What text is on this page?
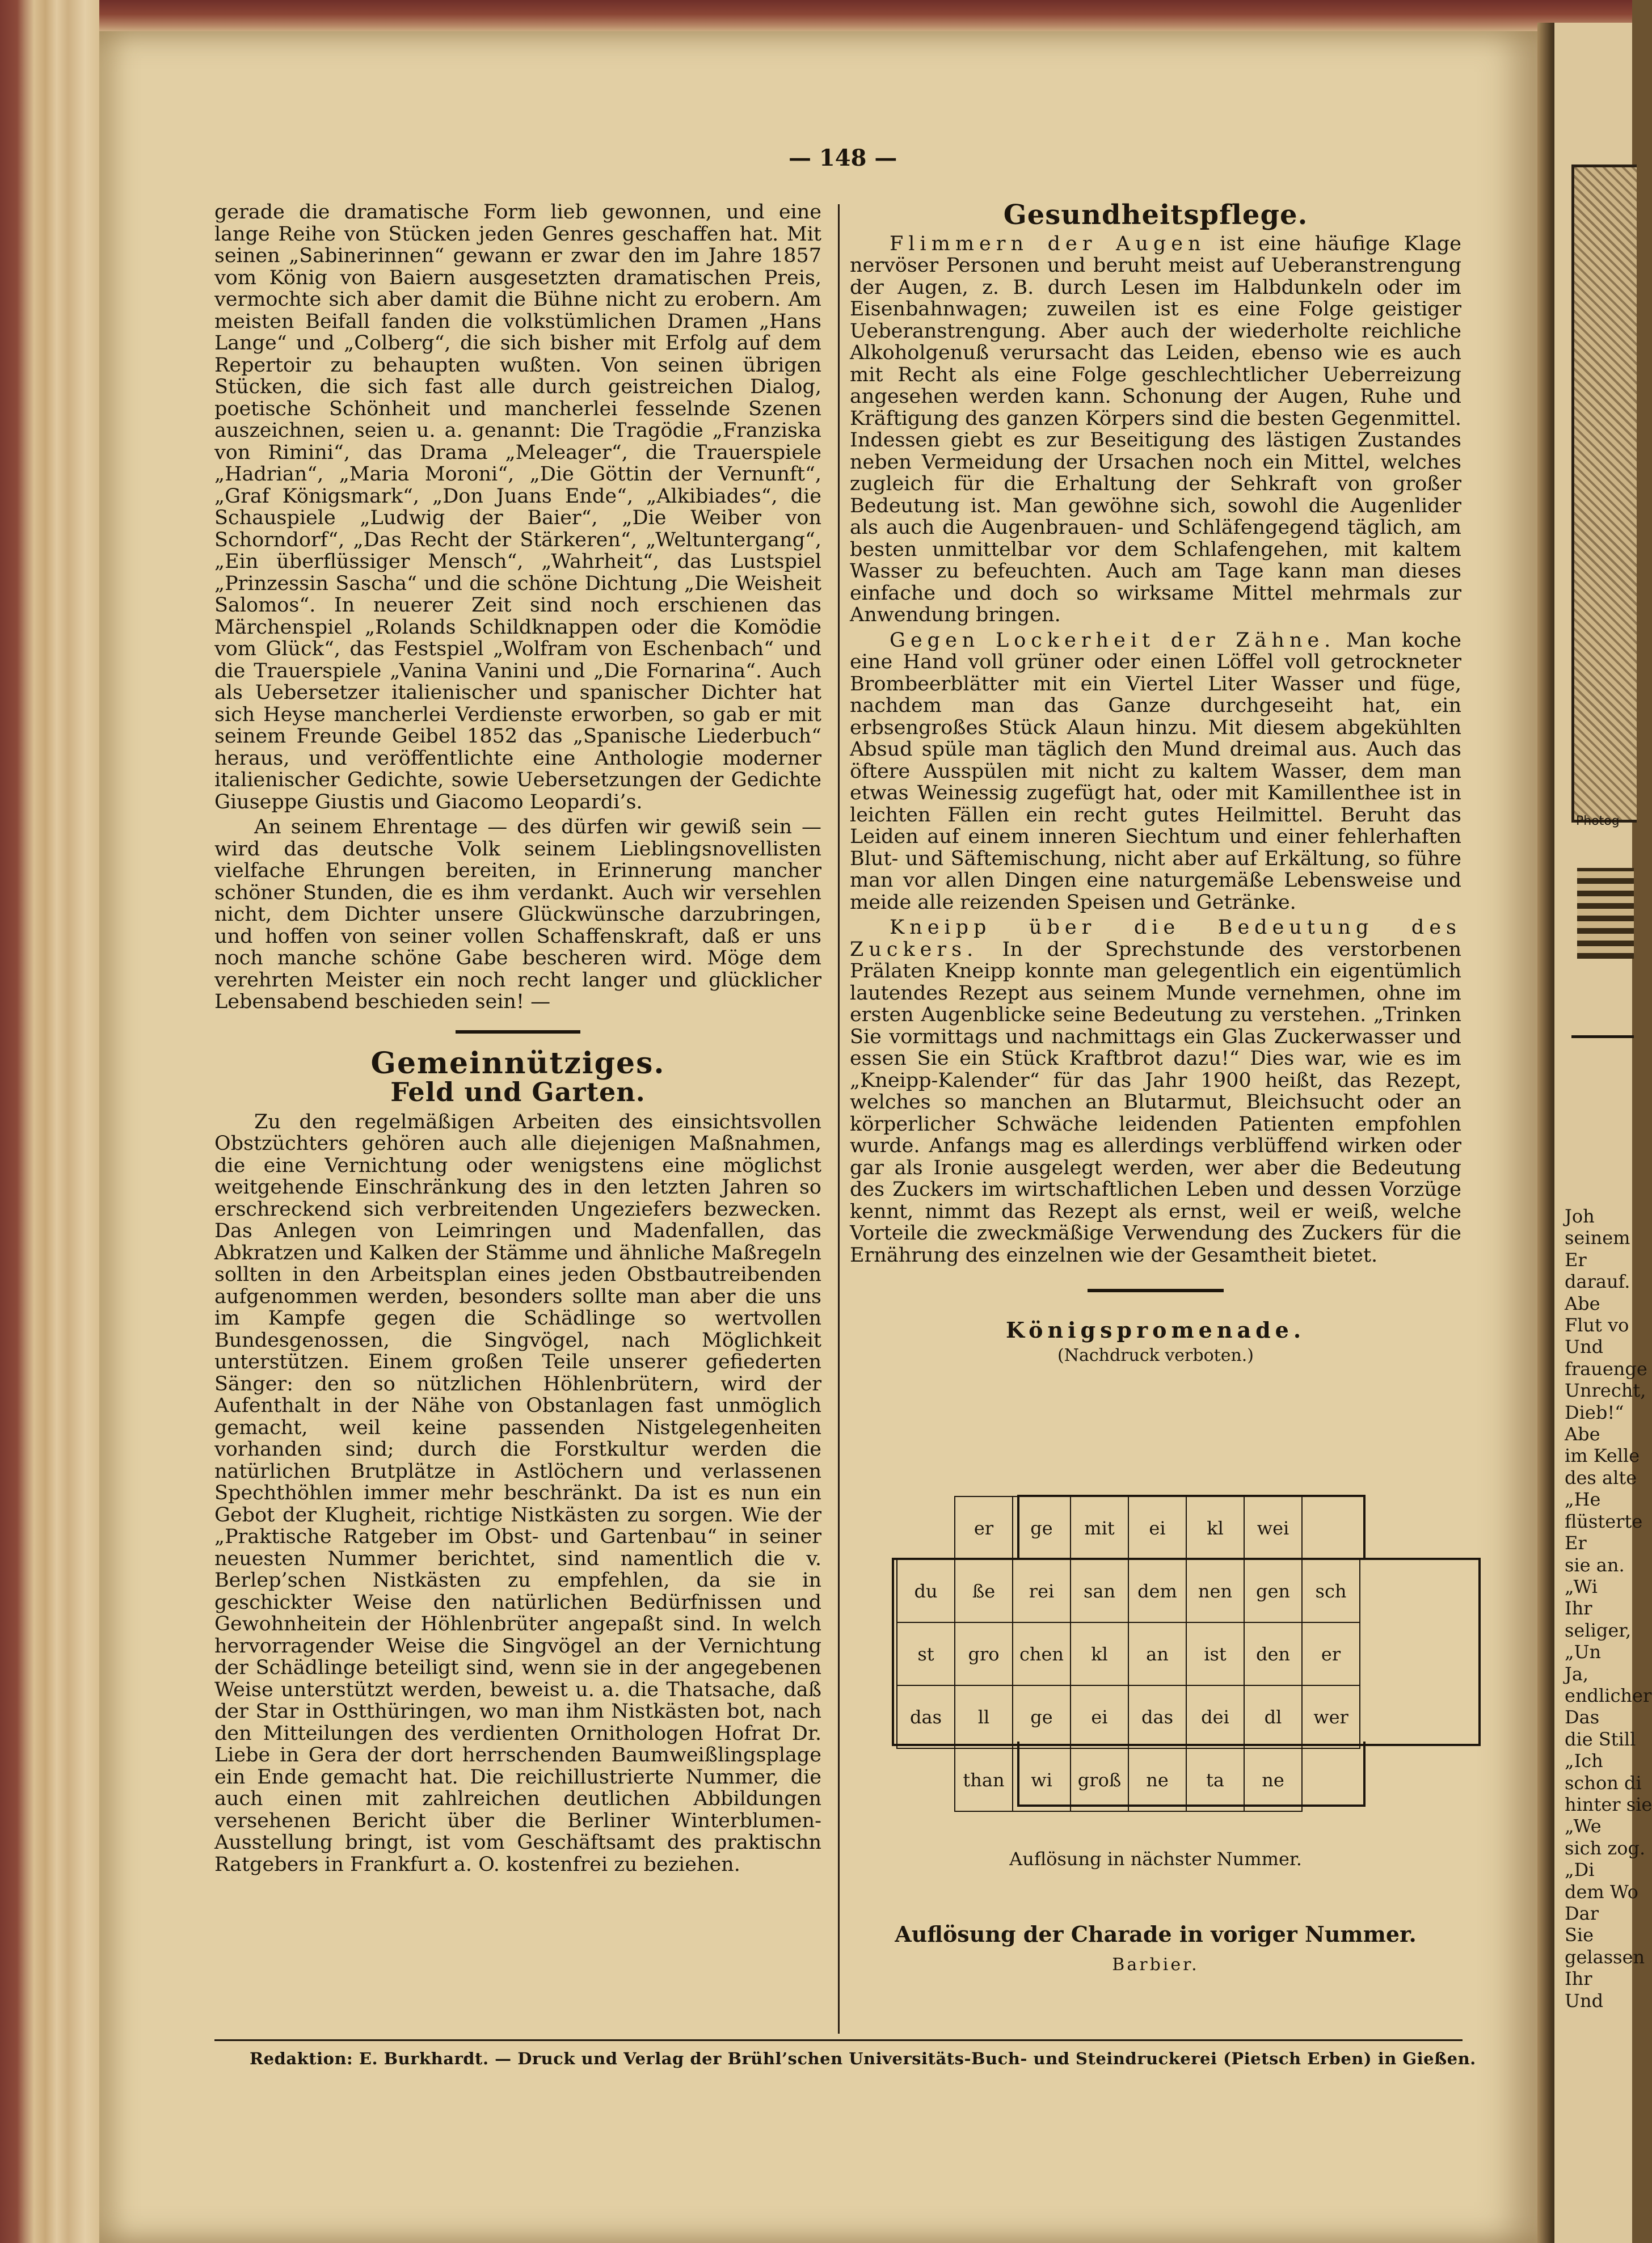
— 148 —

gerade die dramatische Form lieb gewonnen, und eine lange Reihe von Stücken jeden Genres geschaffen hat. Mit seinen „Sabinerinnen“ gewann er zwar den im Jahre 1857 vom König von Baiern ausgesetzten dramatischen Preis, vermochte sich aber damit die Bühne nicht zu erobern. Am meisten Beifall fanden die volkstümlichen Dramen „Hans Lange“ und „Colberg“, die sich bisher mit Erfolg auf dem Repertoir zu behaupten wußten. Von seinen übrigen Stücken, die sich fast alle durch geistreichen Dialog, poetische Schönheit und mancherlei fesselnde Szenen auszeichnen, seien u. a. genannt: Die Tragödie „Franziska von Rimini“, das Drama „Meleager“, die Trauerspiele „Hadrian“, „Maria Moroni“, „Die Göttin der Vernunft“, „Graf Königsmark“, „Don Juans Ende“, „Alkibiades“, die Schauspiele „Ludwig der Baier“, „Die Weiber von Schorndorf“, „Das Recht der Stärkeren“, „Weltuntergang“, „Ein überflüssiger Mensch“, „Wahrheit“, das Lustspiel „Prinzessin Sascha“ und die schöne Dichtung „Die Weisheit Salomos“. In neuerer Zeit sind noch erschienen das Märchenspiel „Rolands Schildknappen oder die Komödie vom Glück“, das Festspiel „Wolfram von Eschenbach“ und die Trauerspiele „Vanina Vanini und „Die Fornarina“. Auch als Uebersetzer italienischer und spanischer Dichter hat sich Heyse mancherlei Verdienste erworben, so gab er mit seinem Freunde Geibel 1852 das „Spanische Liederbuch“ heraus, und veröffentlichte eine Anthologie moderner italienischer Gedichte, sowie Uebersetzungen der Gedichte Giuseppe Giustis und Giacomo Leopardi’s.

An seinem Ehrentage — des dürfen wir gewiß sein — wird das deutsche Volk seinem Lieblingsnovellisten vielfache Ehrungen bereiten, in Erinnerung mancher schöner Stunden, die es ihm verdankt. Auch wir versehlen nicht, dem Dichter unsere Glückwünsche darzubringen, und hoffen von seiner vollen Schaffenskraft, daß er uns noch manche schöne Gabe bescheren wird. Möge dem verehrten Meister ein noch recht langer und glücklicher Lebensabend beschieden sein! —

Gemeinnütziges.
Feld und Garten.

Zu den regelmäßigen Arbeiten des einsichtsvollen Obstzüchters gehören auch alle diejenigen Maßnahmen, die eine Vernichtung oder wenigstens eine möglichst weitgehende Einschränkung des in den letzten Jahren so erschreckend sich verbreitenden Ungeziefers bezwecken. Das Anlegen von Leimringen und Madenfallen, das Abkratzen und Kalken der Stämme und ähnliche Maßregeln sollten in den Arbeitsplan eines jeden Obstbautreibenden aufgenommen werden, besonders sollte man aber die uns im Kampfe gegen die Schädlinge so wertvollen Bundesgenossen, die Singvögel, nach Möglichkeit unterstützen. Einem großen Teile unserer gefiederten Sänger: den so nützlichen Höhlenbrütern, wird der Aufenthalt in der Nähe von Obstanlagen fast unmöglich gemacht, weil keine passenden Nistgelegenheiten vorhanden sind; durch die Forstkultur werden die natürlichen Brutplätze in Astlöchern und verlassenen Spechthöhlen immer mehr beschränkt. Da ist es nun ein Gebot der Klugheit, richtige Nistkästen zu sorgen. Wie der „Praktische Ratgeber im Obst- und Gartenbau“ in seiner neuesten Nummer berichtet, sind namentlich die v. Berlep’schen Nistkästen zu empfehlen, da sie in geschickter Weise den natürlichen Bedürfnissen und Gewohnheitein der Höhlenbrüter angepaßt sind. In welch hervorragender Weise die Singvögel an der Vernichtung der Schädlinge beteiligt sind, wenn sie in der angegebenen Weise unterstützt werden, beweist u. a. die Thatsache, daß der Star in Ostthüringen, wo man ihm Nistkästen bot, nach den Mitteilungen des verdienten Ornithologen Hofrat Dr. Liebe in Gera der dort herrschenden Baumweißlingsplage ein Ende gemacht hat. Die reichillustrierte Nummer, die auch einen mit zahlreichen deutlichen Abbildungen versehenen Bericht über die Berliner Winterblumen-Ausstellung bringt, ist vom Geschäftsamt des praktischn Ratgebers in Frankfurt a. O. kostenfrei zu beziehen.

Gesundheitspflege.

Flimmern der Augen ist eine häufige Klage nervöser Personen und beruht meist auf Ueberanstrengung der Augen, z. B. durch Lesen im Halbdunkeln oder im Eisenbahnwagen; zuweilen ist es eine Folge geistiger Ueberanstrengung. Aber auch der wiederholte reichliche Alkoholgenuß verursacht das Leiden, ebenso wie es auch mit Recht als eine Folge geschlechtlicher Ueberreizung angesehen werden kann. Schonung der Augen, Ruhe und Kräftigung des ganzen Körpers sind die besten Gegenmittel. Indessen giebt es zur Beseitigung des lästigen Zustandes neben Vermeidung der Ursachen noch ein Mittel, welches zugleich für die Erhaltung der Sehkraft von großer Bedeutung ist. Man gewöhne sich, sowohl die Augenlider als auch die Augenbrauen- und Schläfengegend täglich, am besten unmittelbar vor dem Schlafengehen, mit kaltem Wasser zu befeuchten. Auch am Tage kann man dieses einfache und doch so wirksame Mittel mehrmals zur Anwendung bringen.

Gegen Lockerheit der Zähne. Man koche eine Hand voll grüner oder einen Löffel voll getrockneter Brombeerblätter mit ein Viertel Liter Wasser und füge, nachdem man das Ganze durchgeseiht hat, ein erbsengroßes Stück Alaun hinzu. Mit diesem abgekühlten Absud spüle man täglich den Mund dreimal aus. Auch das öftere Ausspülen mit nicht zu kaltem Wasser, dem man etwas Weinessig zugefügt hat, oder mit Kamillenthee ist in leichten Fällen ein recht gutes Heilmittel. Beruht das Leiden auf einem inneren Siechtum und einer fehlerhaften Blut- und Säftemischung, nicht aber auf Erkältung, so führe man vor allen Dingen eine naturgemäße Lebensweise und meide alle reizenden Speisen und Getränke.

Kneipp über die Bedeutung des Zuckers. In der Sprechstunde des verstorbenen Prälaten Kneipp konnte man gelegentlich ein eigentümlich lautendes Rezept aus seinem Munde vernehmen, ohne im ersten Augenblicke seine Bedeutung zu verstehen. „Trinken Sie vormittags und nachmittags ein Glas Zuckerwasser und essen Sie ein Stück Kraftbrot dazu!“ Dies war, wie es im „Kneipp-Kalender“ für das Jahr 1900 heißt, das Rezept, welches so manchen an Blutarmut, Bleichsucht oder an körperlicher Schwäche leidenden Patienten empfohlen wurde. Anfangs mag es allerdings verblüffend wirken oder gar als Ironie ausgelegt werden, wer aber die Bedeutung des Zuckers im wirtschaftlichen Leben und dessen Vorzüge kennt, nimmt das Rezept als ernst, weil er weiß, welche Vorteile die zweckmäßige Verwendung des Zuckers für die Ernährung des einzelnen wie der Gesamtheit bietet.

Königspromenade.
(Nachdruck verboten.)
	er	ge	mit	ei	kl	wei	
du	ße	rei	san	dem	nen	gen	sch
st	gro	chen	kl	an	ist	den	er
das	ll	ge	ei	das	dei	dl	wer
	than	wi	groß	ne	ta	ne	
Auflösung in nächster Nummer.
Auflösung der Charade in voriger Nummer.
Barbier.
Redaktion: E. Burkhardt. — Druck und Verlag der Brühl’schen Universitäts-Buch- und Steindruckerei (Pietsch Erben) in Gießen.
Photog
Joh
seinem
Er
darauf.
Abe
Flut vo
Und
frauenge
Unrecht,
Dieb!“
Abe
im Kelle
des alte
„He
flüsterte
Er
sie an.
„Wi
Ihr
seliger,
„Un
Ja,
endlicher
Das
die Still
„Ich
schon di
hinter sie
„We
sich zog.
„Di
dem Wo
Dar
Sie
gelassen
Ihr
Und
